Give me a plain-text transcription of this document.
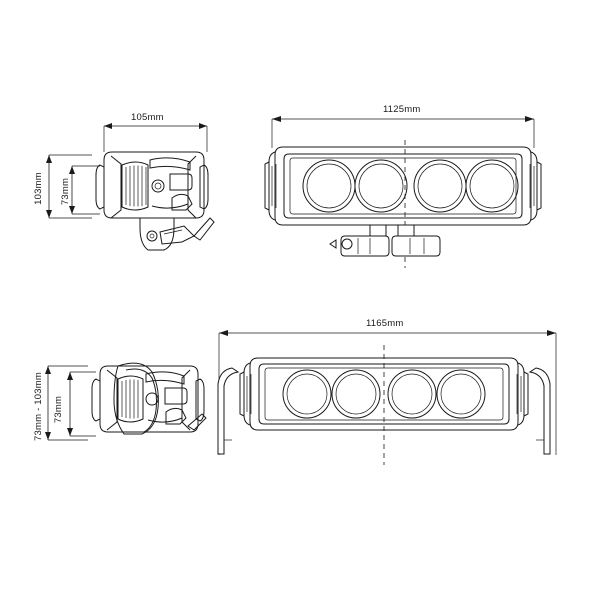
105mm
103mm 73mm
1125mm
73mm - 103mm 73mm
1165mm
